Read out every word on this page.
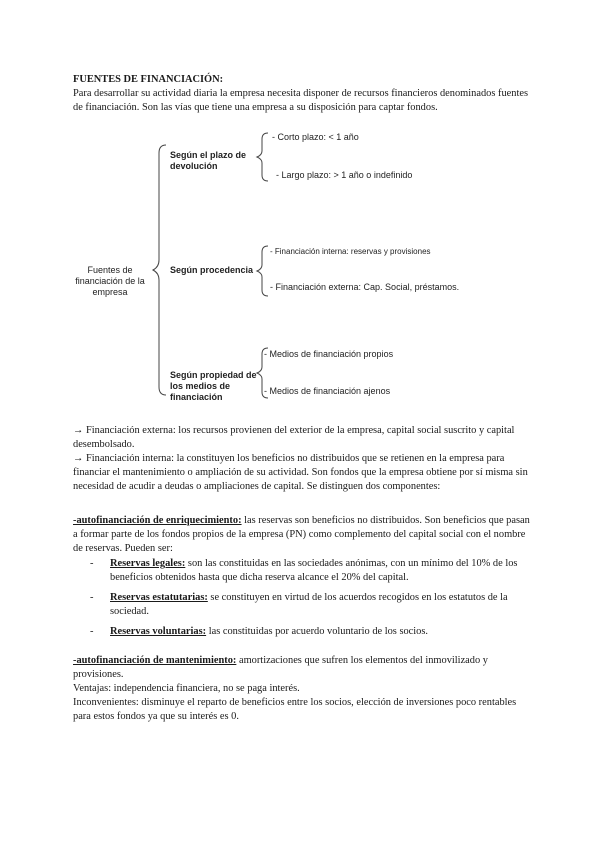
FUENTES DE FINANCIACIÓN:
Para desarrollar su actividad diaria la empresa necesita disponer de recursos financieros denominados fuentes de financiación. Son las vías que tiene una empresa a su disposición para captar fondos.
Fuentes de financiación de la empresa
Según el plazo de devolución
- Corto plazo: < 1 año
- Largo plazo: > 1 año o indefinido
Según procedencia
- Financiación interna: reservas y provisiones
- Financiación externa: Cap. Social, préstamos.
Según propiedad de los medios de financiación
- Medios de financiación propios
- Medios de financiación ajenos

→ Financiación externa: los recursos provienen del exterior de la empresa, capital social suscrito y capital desembolsado.

→ Financiación interna: la constituyen los beneficios no distribuidos que se retienen en la empresa para financiar el mantenimiento o ampliación de su actividad. Son fondos que la empresa obtiene por sí misma sin necesidad de acudir a deudas o ampliaciones de capital. Se distinguen dos componentes:

-autofinanciación de enriquecimiento: las reservas son beneficios no distribuidos. Son beneficios que pasan a formar parte de los fondos propios de la empresa (PN) como complemento del capital social con el nombre de reservas. Pueden ser:

-	Reservas legales: son las constituidas en las sociedades anónimas, con un mínimo del 10% de los beneficios obtenidos hasta que dicha reserva alcance el 20% del capital.
-	Reservas estatutarias: se constituyen en virtud de los acuerdos recogidos en los estatutos de la sociedad.
-	Reservas voluntarias: las constituidas por acuerdo voluntario de los socios.

-autofinanciación de mantenimiento: amortizaciones que sufren los elementos del inmovilizado y provisiones.

Ventajas: independencia financiera, no se paga interés.

Inconvenientes: disminuye el reparto de beneficios entre los socios, elección de inversiones poco rentables para estos fondos ya que su interés es 0.
